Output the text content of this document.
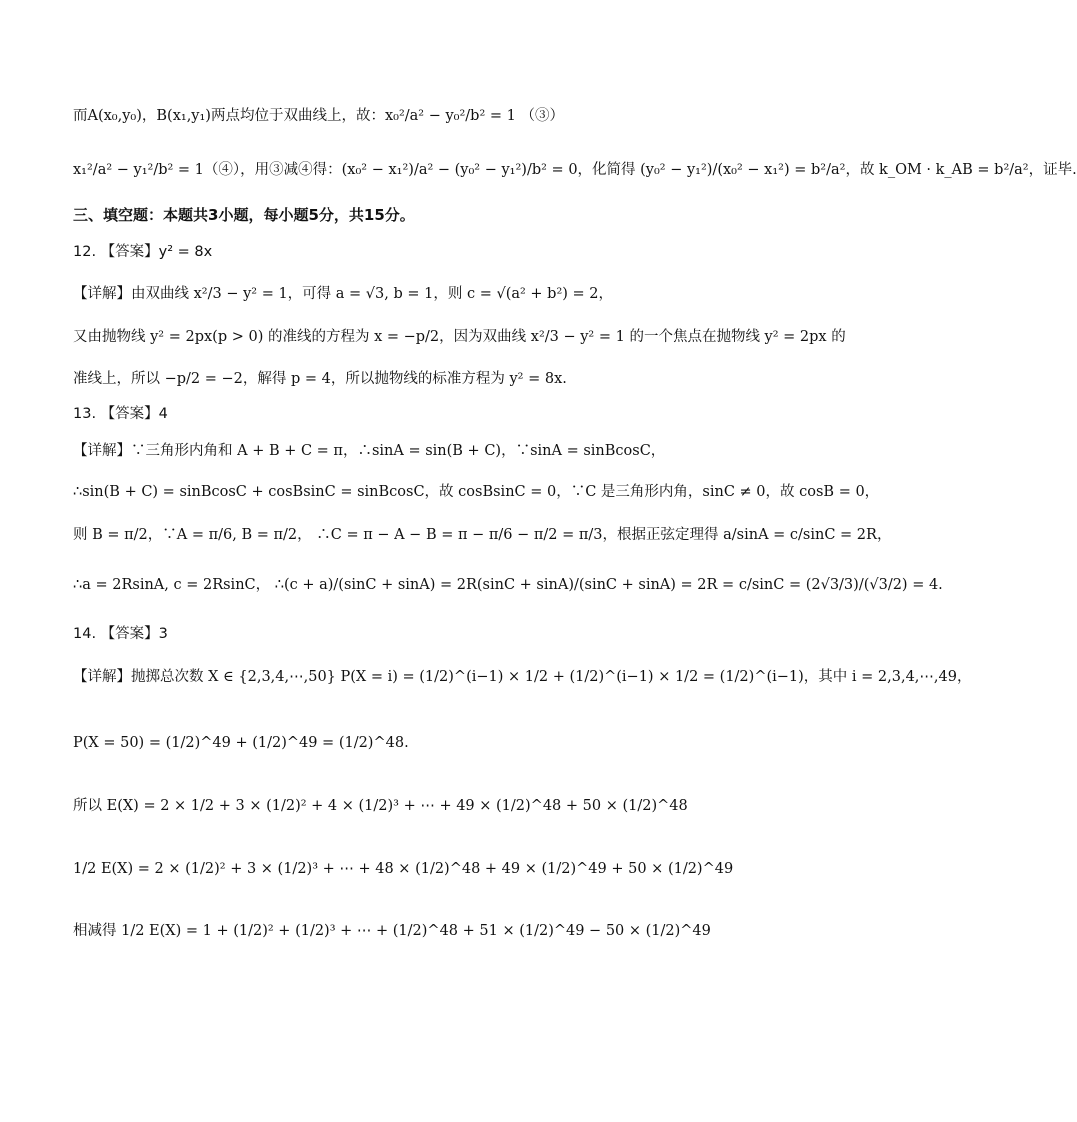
而A(x₀,y₀)，B(x₁,y₁)两点均位于双曲线上，故：x₀²/a² − y₀²/b² = 1 （③）
x₁²/a² − y₁²/b² = 1（④），用③减④得：(x₀² − x₁²)/a² − (y₀² − y₁²)/b² = 0，化简得 (y₀² − y₁²)/(x₀² − x₁²) = b²/a²，故 k_OM · k_AB = b²/a²，证毕.
三、填空题：本题共3小题，每小题5分，共15分。
12. 【答案】y² = 8x
【详解】由双曲线 x²/3 − y² = 1，可得 a = √3, b = 1，则 c = √(a² + b²) = 2，
又由抛物线 y² = 2px(p > 0) 的准线的方程为 x = −p/2，因为双曲线 x²/3 − y² = 1 的一个焦点在抛物线 y² = 2px 的
准线上，所以 −p/2 = −2，解得 p = 4，所以抛物线的标准方程为 y² = 8x.
13. 【答案】4
【详解】∵三角形内角和 A + B + C = π，∴sinA = sin(B + C)，∵sinA = sinBcosC，
∴sin(B + C) = sinBcosC + cosBsinC = sinBcosC，故 cosBsinC = 0，∵C 是三角形内角，sinC ≠ 0，故 cosB = 0，
则 B = π/2，∵A = π/6, B = π/2， ∴C = π − A − B = π − π/6 − π/2 = π/3，根据正弦定理得 a/sinA = c/sinC = 2R，
∴a = 2RsinA, c = 2RsinC， ∴(c + a)/(sinC + sinA) = 2R(sinC + sinA)/(sinC + sinA) = 2R = c/sinC = (2√3/3)/(√3/2) = 4.
14. 【答案】3
【详解】抛掷总次数 X ∈ {2,3,4,⋯,50} P(X = i) = (1/2)^(i−1) × 1/2 + (1/2)^(i−1) × 1/2 = (1/2)^(i−1)，其中 i = 2,3,4,⋯,49，
P(X = 50) = (1/2)^49 + (1/2)^49 = (1/2)^48.
所以 E(X) = 2 × 1/2 + 3 × (1/2)² + 4 × (1/2)³ + ⋯ + 49 × (1/2)^48 + 50 × (1/2)^48
1/2 E(X) = 2 × (1/2)² + 3 × (1/2)³ + ⋯ + 48 × (1/2)^48 + 49 × (1/2)^49 + 50 × (1/2)^49
相减得 1/2 E(X) = 1 + (1/2)² + (1/2)³ + ⋯ + (1/2)^48 + 51 × (1/2)^49 − 50 × (1/2)^49
